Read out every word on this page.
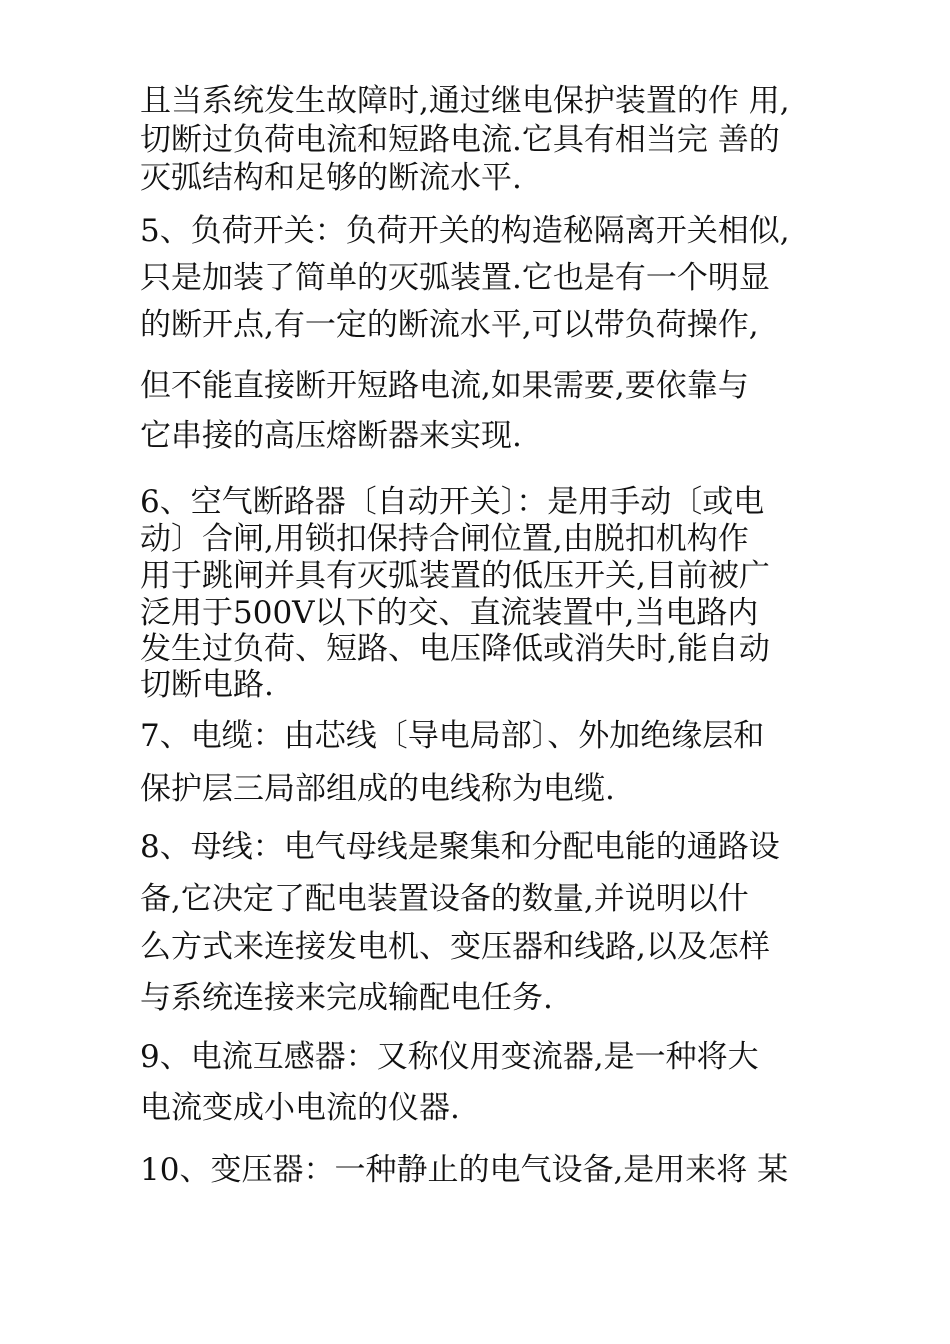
且当系统发生故障时,通过继电保护装置的作 用,
切断过负荷电流和短路电流.它具有相当完 善的
灭弧结构和足够的断流水平.
5、负荷开关：负荷开关的构造秘隔离开关相似,
只是加装了简单的灭弧装置.它也是有一个明显
的断开点,有一定的断流水平,可以带负荷操作,
但不能直接断开短路电流,如果需要,要依靠与
它串接的高压熔断器来实现.
6、空气断路器〔自动开关〕：是用手动〔或电
动〕合闸,用锁扣保持合闸位置,由脱扣机构作
用于跳闸并具有灭弧装置的低压开关,目前被广
泛用于500V以下的交、直流装置中,当电路内
发生过负荷、短路、电压降低或消失时,能自动
切断电路.
7、电缆：由芯线〔导电局部〕、外加绝缘层和
保护层三局部组成的电线称为电缆.
8、母线：电气母线是聚集和分配电能的通路设
备,它决定了配电装置设备的数量,并说明以什
么方式来连接发电机、变压器和线路,以及怎样
与系统连接来完成输配电任务.
9、电流互感器：又称仪用变流器,是一种将大
电流变成小电流的仪器.
10、变压器：一种静止的电气设备,是用来将 某
